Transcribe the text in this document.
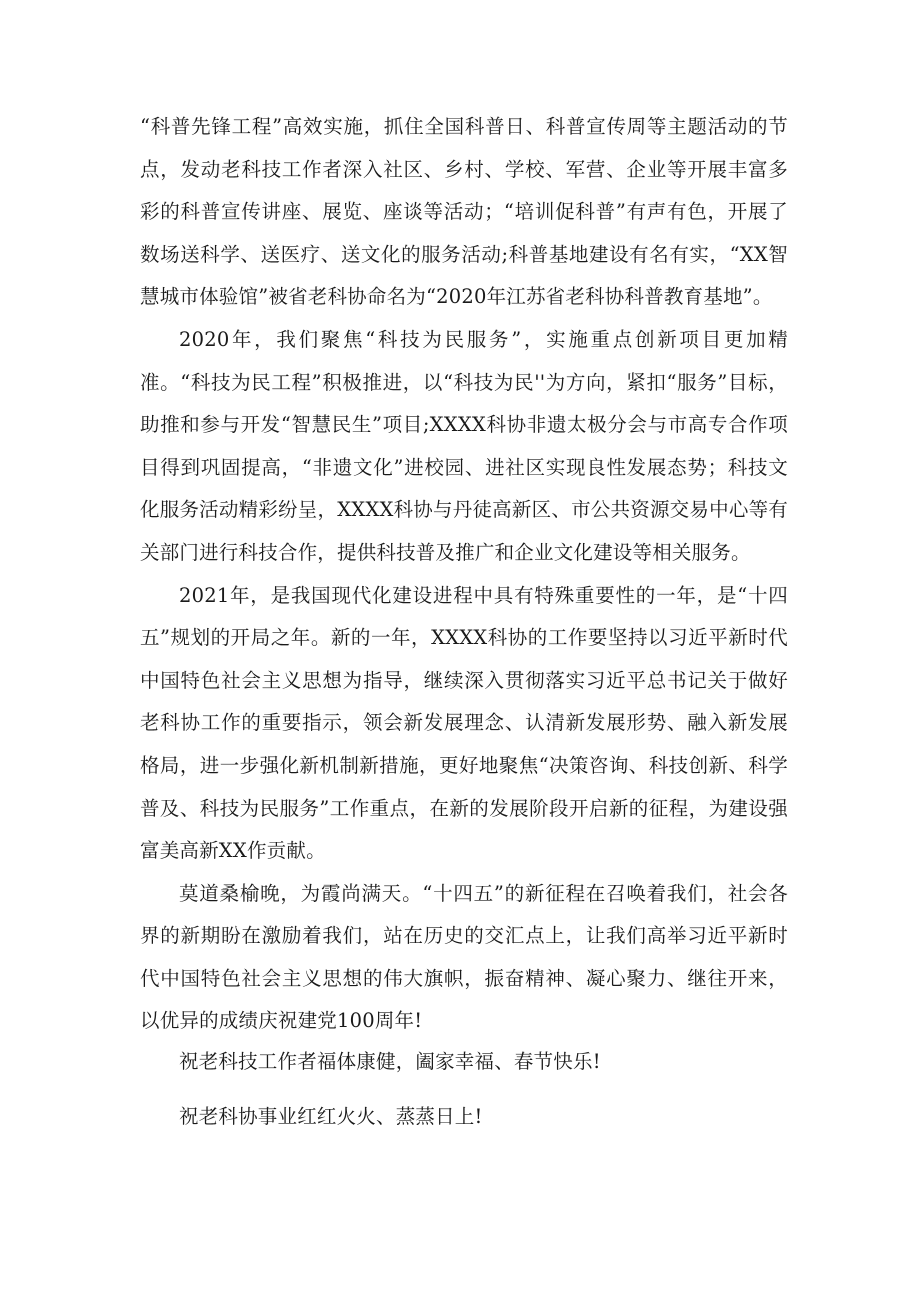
“科普先锋工程”高效实施，抓住全国科普日、科普宣传周等主题活动的节点，发动老科技工作者深入社区、乡村、学校、军营、企业等开展丰富多彩的科普宣传讲座、展览、座谈等活动；“培训促科普”有声有色，开展了数场送科学、送医疗、送文化的服务活动;科普基地建设有名有实，“XX智慧城市体验馆”被省老科协命名为“2020年江苏省老科协科普教育基地”。

2020年，我们聚焦“科技为民服务”，实施重点创新项目更加精准。“科技为民工程”积极推进，以“科技为民''为方向，紧扣“服务”目标，助推和参与开发“智慧民生”项目;XXXX科协非遗太极分会与市高专合作项目得到巩固提高，“非遗文化”进校园、进社区实现良性发展态势；科技文化服务活动精彩纷呈，XXXX科协与丹徒高新区、市公共资源交易中心等有关部门进行科技合作，提供科技普及推广和企业文化建设等相关服务。

2021年，是我国现代化建设进程中具有特殊重要性的一年，是“十四五”规划的开局之年。新的一年，XXXX科协的工作要坚持以习近平新时代中国特色社会主义思想为指导，继续深入贯彻落实习近平总书记关于做好老科协工作的重要指示，领会新发展理念、认清新发展形势、融入新发展格局，进一步强化新机制新措施，更好地聚焦“决策咨询、科技创新、科学普及、科技为民服务”工作重点，在新的发展阶段开启新的征程，为建设强富美高新XX作贡献。

莫道桑榆晚，为霞尚满天。“十四五”的新征程在召唤着我们，社会各界的新期盼在激励着我们，站在历史的交汇点上，让我们高举习近平新时代中国特色社会主义思想的伟大旗帜，振奋精神、凝心聚力、继往开来，以优异的成绩庆祝建党100周年!

祝老科技工作者福体康健，阖家幸福、春节快乐!

祝老科协事业红红火火、蒸蒸日上!
